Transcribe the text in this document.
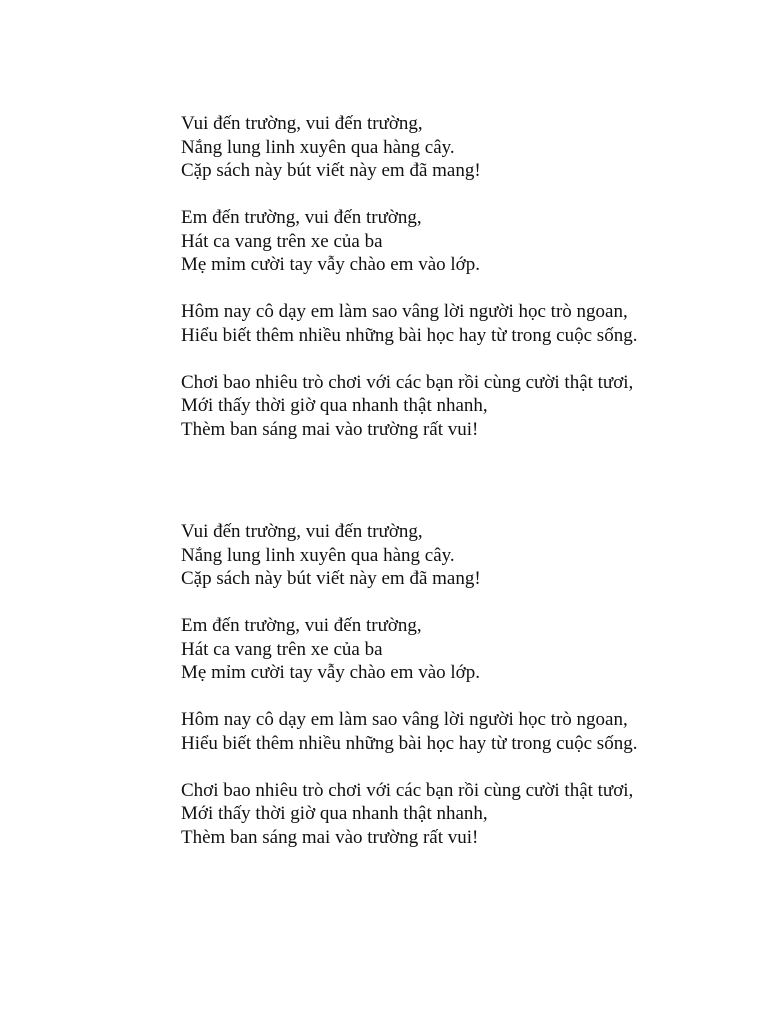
Vui đến trường, vui đến trường,
Nắng lung linh xuyên qua hàng cây.
Cặp sách này bút viết này em đã mang!
Em đến trường, vui đến trường,
Hát ca vang trên xe của ba
Mẹ mỉm cười tay vẫy chào em vào lớp.
Hôm nay cô dạy em làm sao vâng lời người học trò ngoan,
Hiểu biết thêm nhiều những bài học hay từ trong cuộc sống.
Chơi bao nhiêu trò chơi với các bạn rồi cùng cười thật tươi,
Mới thấy thời giờ qua nhanh thật nhanh,
Thèm ban sáng mai vào trường rất vui!
Vui đến trường, vui đến trường,
Nắng lung linh xuyên qua hàng cây.
Cặp sách này bút viết này em đã mang!
Em đến trường, vui đến trường,
Hát ca vang trên xe của ba
Mẹ mỉm cười tay vẫy chào em vào lớp.
Hôm nay cô dạy em làm sao vâng lời người học trò ngoan,
Hiểu biết thêm nhiều những bài học hay từ trong cuộc sống.
Chơi bao nhiêu trò chơi với các bạn rồi cùng cười thật tươi,
Mới thấy thời giờ qua nhanh thật nhanh,
Thèm ban sáng mai vào trường rất vui!
